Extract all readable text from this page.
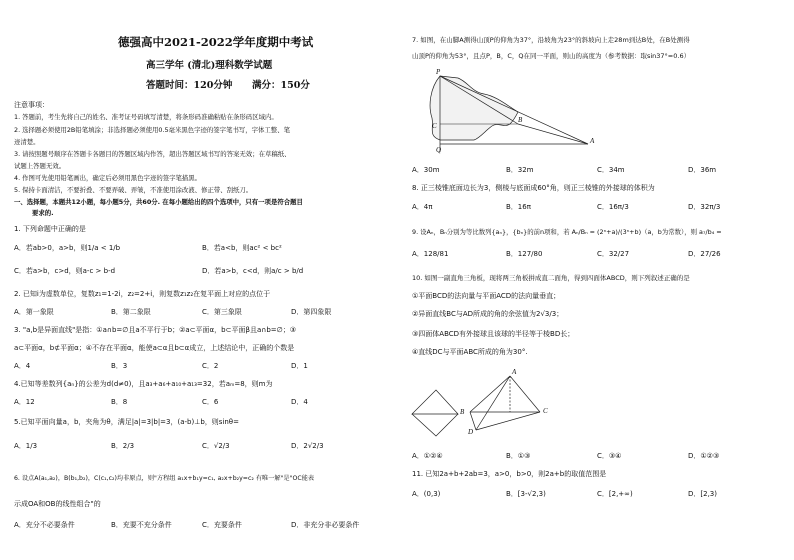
德强高中2021-2022学年度期中考试
高三学年 (清北)理科数学试题
答题时间：120分钟 满分：150分
注意事项：
1. 答题前，考生先将自己的姓名、准考证号码填写清楚，将条形码准确粘贴在条形码区域内。
2. 选择题必须使用2B铅笔填涂；非选择题必须使用0.5毫米黑色字迹的签字笔书写，字体工整、笔
迹清楚。
3. 请按照题号顺序在答题卡各题目的答题区域内作答，超出答题区域书写的答案无效；在草稿纸、
试题上答题无效。
4. 作图可先使用铅笔画出，确定后必须用黑色字迹的签字笔描黑。
5. 保持卡面清洁，不要折叠、不要弄破、弄皱，不准使用涂改液、修正带、刮纸刀。
一、选择题，本题共12小题，每小题5分，共60分. 在每小题给出的四个选项中，只有一项是符合题目
要求的.
1. 下列命题中正确的是
A．若ab>0，a>b，则1/a < 1/b	B．若a<b，则ac² < bc²
C．若a>b，c>d，则a-c > b-d	D．若a>b，c<d，则a/c > b/d
2. 已知i为虚数单位，复数z₁=1-2i，z₂=2+i，则复数z₁z₂在复平面上对应的点位于
A．第一象限	B．第二象限	C．第三象限	D．第四象限
3. "a,b是异面直线"是指：①a∩b=∅且a不平行于b；②a⊂平面α，b⊂平面β且a∩b=∅；③
a⊂平面α，b⊄平面α；④不存在平面α，能使a⊂α且b⊂α成立，上述结论中，正确的个数是
A．4	B．3	C．2	D．1
4.已知等差数列{aₙ}的公差为d(d≠0)，且a₃+a₆+a₁₀+a₁₃=32，若aₘ=8，则m为
A．12	B．8	C．6	D．4
5.已知平面向量a，b，夹角为θ，满足|a|=3|b|=3，(a-b)⊥b，则sinθ=
A．1/3	B．2/3	C．√2/3	D．2√2/3
6. 设点A(a₁,a₂)，B(b₁,b₂)，C(c₁,c₂)均非原点，则"方程组 a₁x+b₁y=c₁, a₂x+b₂y=c₂ 有唯一解"是"OC能表
示成OA和OB的线性组合"的
A．充分不必要条件	B．充要不充分条件	C．充要条件	D．非充分非必要条件
7. 如图，在山脚A测得山顶P的仰角为37°，沿坡角为23°的斜坡向上走28m到达B处，在B处测得
山顶P的仰角为53°，且点P，B，C，Q在同一平面，则山的高度为（参考数据：取sin37°=0.6）
P
C
B
A
Q
A．30m	B．32m	C．34m	D．36m
8. 正三棱锥底面边长为3，侧棱与底面成60°角，则正三棱锥的外接球的体积为
A．4π	B．16π	C．16π/3	D．32π/3
9. 设Aₙ，Bₙ分别为等比数列{aₙ}，{bₙ}的前n项和，若 Aₙ/Bₙ = (2ⁿ+a)/(3ⁿ+b)（a，b为常数），则 a₇/b₄ =
A．128/81	B．127/80	C．32/27	D．27/26
10. 如图一副直角三角板，现将两三角板拼成直二面角，得到四面体ABCD，则下列叙述正确的是
①平面BCD的法向量与平面ACD的法向量垂直；
②异面直线BC与AD所成的角的余弦值为2√3/3；
③四面体ABCD有外接球且该球的半径等于棱BD长；
④直线DC与平面ABC所成的角为30°.
A
B	C
D
A．①②④	B．①③	C．③④	D．①②③
11. 已知2a+b+2ab=3，a>0，b>0，则2a+b的取值范围是
A．(0,3)	B．[3-√2,3)	C．[2,+∞)	D．[2,3)
